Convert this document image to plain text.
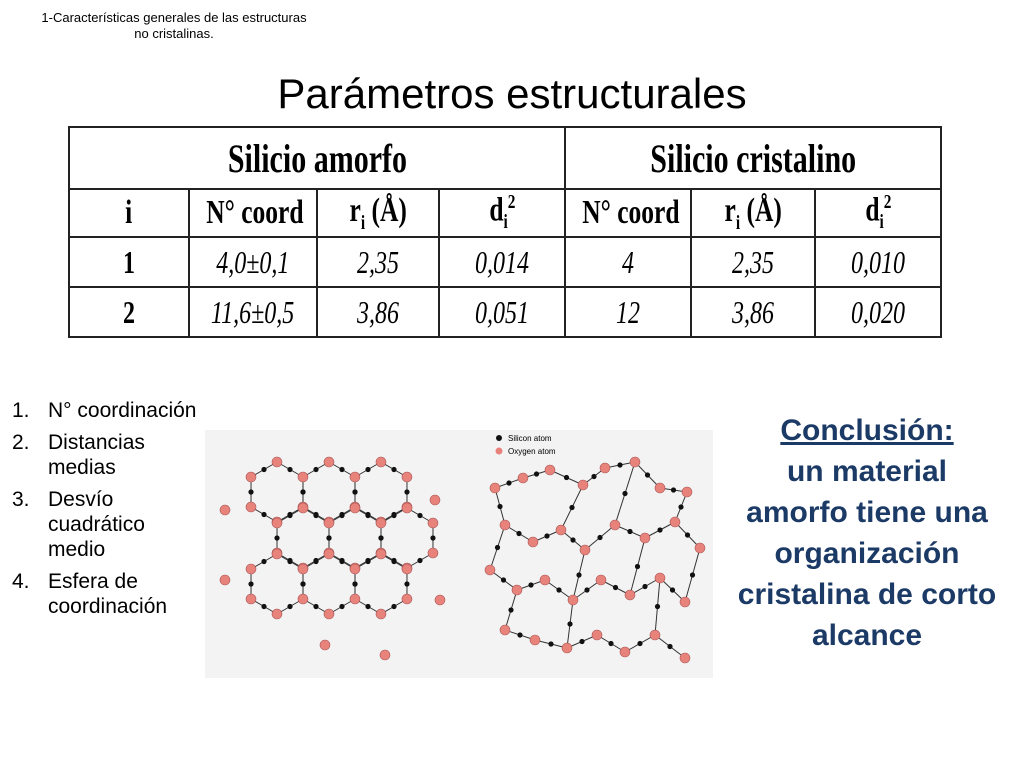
1-Características generales de las estructuras
no cristalinas.
Parámetros estructurales
Silicio amorfo				Silicio cristalino		
i	N° coord	$r_i$ (Å)	$d_i^2$	N° coord	$r_i$ (Å)	$d_i^2$
1	4,0±0,1	2,35	0,014	4	2,35	0,010
2	11,6±0,5	3,86	0,051	12	3,86	0,020
1. N° coordinación
2. Distancias medias
3. Desvío cuadrático medio
4. Esfera de coordinación
Silicon atom
Oxygen atom
Conclusión:
un material amorfo tiene una organización cristalina de corto alcance
